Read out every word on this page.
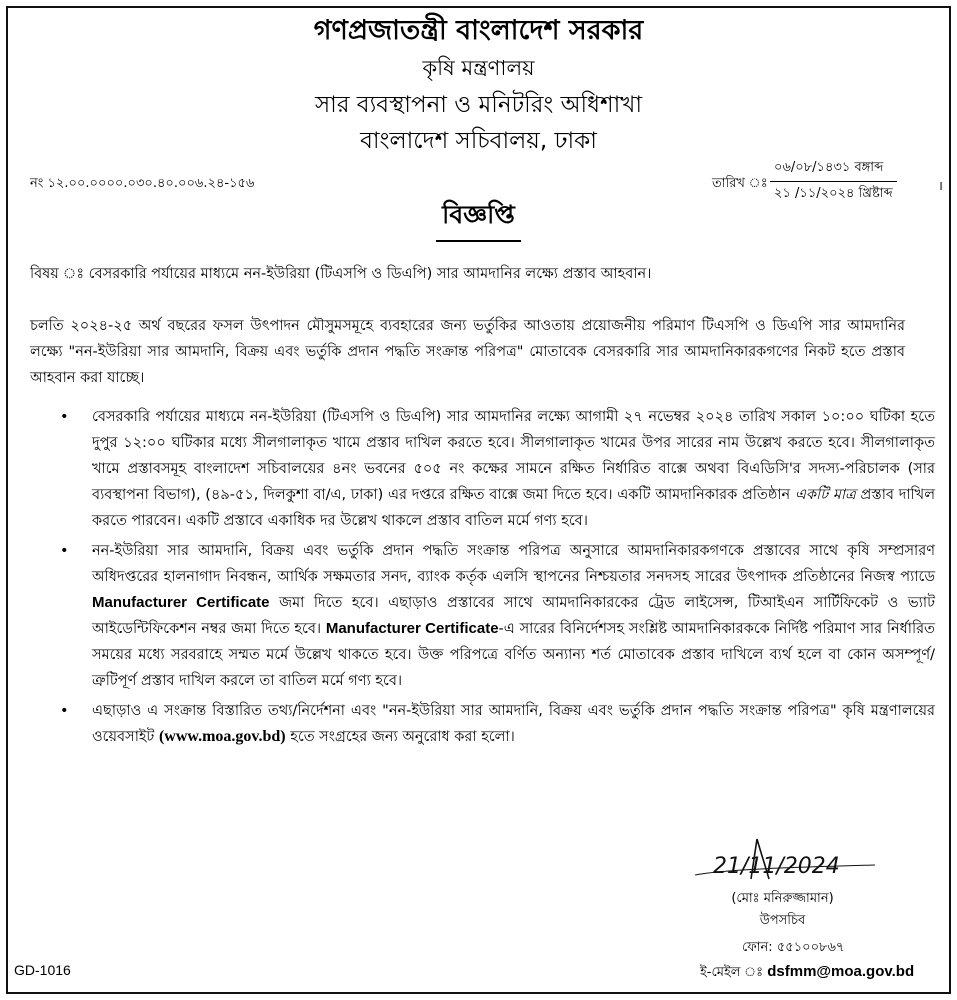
গণপ্রজাতন্ত্রী বাংলাদেশ সরকার
কৃষি মন্ত্রণালয়
সার ব্যবস্থাপনা ও মনিটরিং অধিশাখা
বাংলাদেশ সচিবালয়, ঢাকা
নং ১২.০০.০০০০.০৩০.৪০.০০৬.২৪-১৫৬	তারিখ ঃ
০৬/০৮/১৪৩১ বঙ্গাব্দ
২১ /১১/২০২৪ খ্রিষ্টাব্দ	।
বিজ্ঞপ্তি
বিষয় ঃ বেসরকারি পর্যায়ের মাধ্যমে নন-ইউরিয়া (টিএসপি ও ডিএপি) সার আমদানির লক্ষ্যে প্রস্তাব আহবান।
চলতি ২০২৪-২৫ অর্থ বছরের ফসল উৎপাদন মৌসুমসমূহে ব্যবহারের জন্য ভর্তুকির আওতায় প্রয়োজনীয় পরিমাণ টিএসপি ও ডিএপি সার আমদানির লক্ষ্যে "নন-ইউরিয়া সার আমদানি, বিক্রয় এবং ভর্তুকি প্রদান পদ্ধতি সংক্রান্ত পরিপত্র" মোতাবেক বেসরকারি সার আমদানিকারকগণের নিকট হতে প্রস্তাব আহবান করা যাচ্ছে।
• বেসরকারি পর্যায়ের মাধ্যমে নন-ইউরিয়া (টিএসপি ও ডিএপি) সার আমদানির লক্ষ্যে আগামী ২৭ নভেম্বর ২০২৪ তারিখ সকাল ১০:০০ ঘটিকা হতে দুপুর ১২:০০ ঘটিকার মধ্যে সীলগালাকৃত খামে প্রস্তাব দাখিল করতে হবে। সীলগালাকৃত খামের উপর সারের নাম উল্লেখ করতে হবে। সীলগালাকৃত খামে প্রস্তাবসমূহ বাংলাদেশ সচিবালয়ের ৪নং ভবনের ৫০৫ নং কক্ষের সামনে রক্ষিত নির্ধারিত বাক্সে অথবা বিএডিসি'র সদস্য-পরিচালক (সার ব্যবস্থাপনা বিভাগ), (৪৯-৫১, দিলকুশা বা/এ, ঢাকা) এর দপ্তরে রক্ষিত বাক্সে জমা দিতে হবে। একটি আমদানিকারক প্রতিষ্ঠান একটি মাত্র প্রস্তাব দাখিল করতে পারবেন। একটি প্রস্তাবে একাধিক দর উল্লেখ থাকলে প্রস্তাব বাতিল মর্মে গণ্য হবে।
• নন-ইউরিয়া সার আমদানি, বিক্রয় এবং ভর্তুকি প্রদান পদ্ধতি সংক্রান্ত পরিপত্র অনুসারে আমদানিকারকগণকে প্রস্তাবের সাথে কৃষি সম্প্রসারণ অধিদপ্তরের হালনাগাদ নিবন্ধন, আর্থিক সক্ষমতার সনদ, ব্যাংক কর্তৃক এলসি স্থাপনের নিশ্চয়তার সনদসহ সারের উৎপাদক প্রতিষ্ঠানের নিজস্ব প্যাডে Manufacturer Certificate জমা দিতে হবে। এছাড়াও প্রস্তাবের সাথে আমদানিকারকের ট্রেড লাইসেন্স, টিআইএন সার্টিফিকেট ও ভ্যাট আইডেন্টিফিকেশন নম্বর জমা দিতে হবে। Manufacturer Certificate-এ সারের বিনির্দেশসহ সংশ্লিষ্ট আমদানিকারককে নির্দিষ্ট পরিমাণ সার নির্ধারিত সময়ের মধ্যে সরবরাহে সম্মত মর্মে উল্লেখ থাকতে হবে। উক্ত পরিপত্রে বর্ণিত অন্যান্য শর্ত মোতাবেক প্রস্তাব দাখিলে ব্যর্থ হলে বা কোন অসম্পূর্ণ/ত্রুটিপূর্ণ প্রস্তাব দাখিল করলে তা বাতিল মর্মে গণ্য হবে।
• এছাড়াও এ সংক্রান্ত বিস্তারিত তথ্য/নির্দেশনা এবং "নন-ইউরিয়া সার আমদানি, বিক্রয় এবং ভর্তুকি প্রদান পদ্ধতি সংক্রান্ত পরিপত্র" কৃষি মন্ত্রণালয়ের ওয়েবসাইট (www.moa.gov.bd) হতে সংগ্রহের জন্য অনুরোধ করা হলো।
21/11/2024
(মোঃ মনিরুজ্জামান)
উপসচিব
ফোন: ৫৫১০০৮৬৭
ই-মেইল ঃ dsfmm@moa.gov.bd
GD-1016
